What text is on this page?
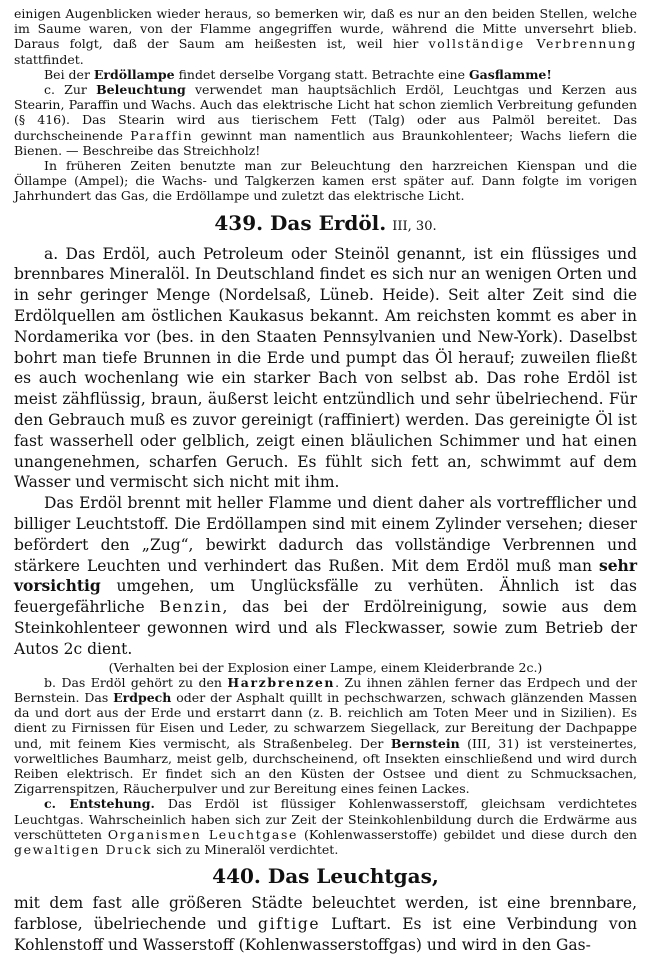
einigen Augenblicken wieder heraus, so bemerken wir, daß es nur an den beiden Stellen, welche im Saume waren, von der Flamme angegriffen wurde, während die Mitte unversehrt blieb. Daraus folgt, daß der Saum am heißesten ist, weil hier vollständige Verbrennung stattfindet.

Bei der Erdöllampe findet derselbe Vorgang statt. Betrachte eine Gasflamme!

c. Zur Beleuchtung verwendet man hauptsächlich Erdöl, Leuchtgas und Kerzen aus Stearin, Paraffin und Wachs. Auch das elektrische Licht hat schon ziemlich Verbreitung gefunden (§ 416). Das Stearin wird aus tierischem Fett (Talg) oder aus Palmöl bereitet. Das durchscheinende Paraffin gewinnt man namentlich aus Braunkohlenteer; Wachs liefern die Bienen. — Beschreibe das Streichholz!

In früheren Zeiten benutzte man zur Beleuchtung den harzreichen Kienspan und die Öllampe (Ampel); die Wachs- und Talgkerzen kamen erst später auf. Dann folgte im vorigen Jahrhundert das Gas, die Erdöllampe und zuletzt das elektrische Licht.

439. Das Erdöl. III, 30.

a. Das Erdöl, auch Petroleum oder Steinöl genannt, ist ein flüssiges und brennbares Mineralöl. In Deutschland findet es sich nur an wenigen Orten und in sehr geringer Menge (Nordelsaß, Lüneb. Heide). Seit alter Zeit sind die Erdölquellen am östlichen Kaukasus bekannt. Am reichsten kommt es aber in Nordamerika vor (bes. in den Staaten Pennsylvanien und New-York). Daselbst bohrt man tiefe Brunnen in die Erde und pumpt das Öl herauf; zuweilen fließt es auch wochenlang wie ein starker Bach von selbst ab. Das rohe Erdöl ist meist zähflüssig, braun, äußerst leicht entzündlich und sehr übelriechend. Für den Gebrauch muß es zuvor gereinigt (raffiniert) werden. Das gereinigte Öl ist fast wasserhell oder gelblich, zeigt einen bläulichen Schimmer und hat einen unangenehmen, scharfen Geruch. Es fühlt sich fett an, schwimmt auf dem Wasser und vermischt sich nicht mit ihm.

Das Erdöl brennt mit heller Flamme und dient daher als vortrefflicher und billiger Leuchtstoff. Die Erdöllampen sind mit einem Zylinder versehen; dieser befördert den „Zug“, bewirkt dadurch das vollständige Verbrennen und stärkere Leuchten und verhindert das Rußen. Mit dem Erdöl muß man sehr vorsichtig umgehen, um Unglücksfälle zu verhüten. Ähnlich ist das feuergefährliche Benzin, das bei der Erdölreinigung, sowie aus dem Steinkohlenteer gewonnen wird und als Fleckwasser, sowie zum Betrieb der Autos 2c dient.

(Verhalten bei der Explosion einer Lampe, einem Kleiderbrande 2c.)

b. Das Erdöl gehört zu den Harzbrenzen. Zu ihnen zählen ferner das Erdpech und der Bernstein. Das Erdpech oder der Asphalt quillt in pechschwarzen, schwach glänzenden Massen da und dort aus der Erde und erstarrt dann (z. B. reichlich am Toten Meer und in Sizilien). Es dient zu Firnissen für Eisen und Leder, zu schwarzem Siegellack, zur Bereitung der Dachpappe und, mit feinem Kies vermischt, als Straßenbeleg. Der Bernstein (III, 31) ist versteinertes, vorweltliches Baumharz, meist gelb, durchscheinend, oft Insekten einschließend und wird durch Reiben elektrisch. Er findet sich an den Küsten der Ostsee und dient zu Schmucksachen, Zigarrenspitzen, Räucherpulver und zur Bereitung eines feinen Lackes.

c. Entstehung. Das Erdöl ist flüssiger Kohlenwasserstoff, gleichsam verdichtetes Leuchtgas. Wahrscheinlich haben sich zur Zeit der Steinkohlenbildung durch die Erdwärme aus verschütteten Organismen Leuchtgase (Kohlenwasserstoffe) gebildet und diese durch den gewaltigen Druck sich zu Mineralöl verdichtet.

440. Das Leuchtgas,

mit dem fast alle größeren Städte beleuchtet werden, ist eine brennbare, farblose, übelriechende und giftige Luftart. Es ist eine Verbindung von Kohlenstoff und Wasserstoff (Kohlenwasserstoffgas) und wird in den Gas-
